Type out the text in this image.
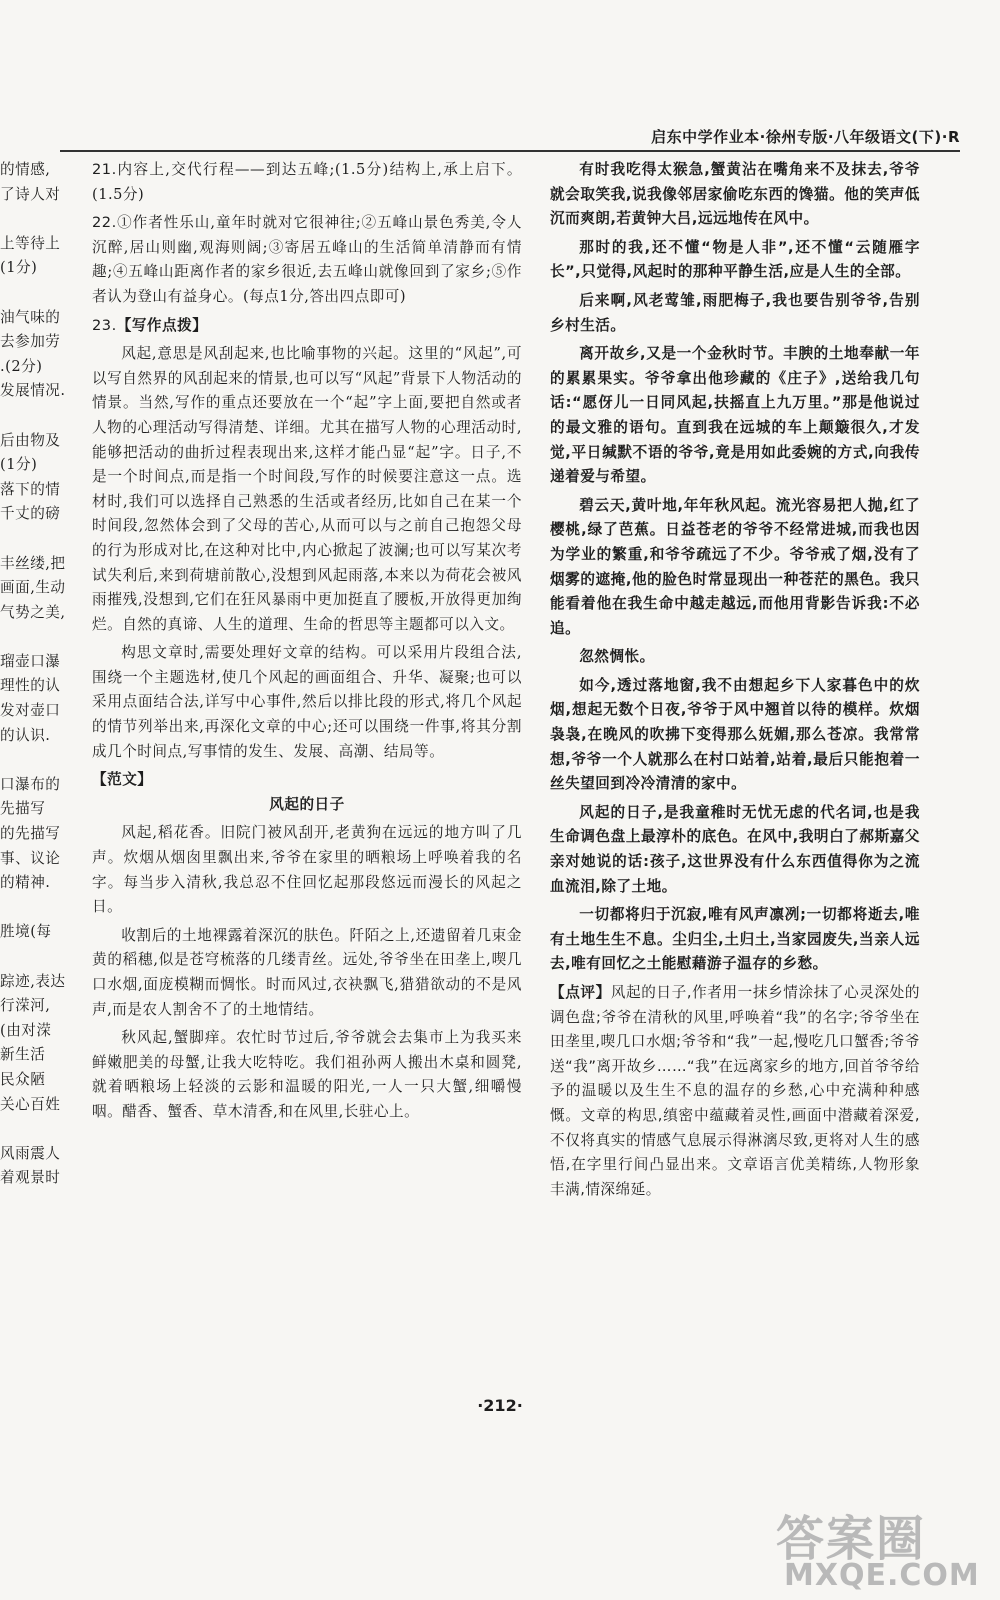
启东中学作业本·徐州专版·八年级语文(下)·R
的情感,
了诗人对
上等待上
(1分)
油气味的
去参加劳
.(2分)
发展情况.
后由物及
(1分)
落下的情
千丈的磅
丰丝缕,把
画面,生动
气势之美,
瑠壶口瀑
理性的认
发对壶口
的认识.
口瀑布的
先描写
的先描写
事、议论
的精神.
胜境(每
踪迹,表达
行溁河,
(由对溁
新生活
民众陋
关心百姓
风雨震人
着观景时
21.内容上,交代行程——到达五峰;(1.5分)结构上,承上启下。(1.5分)
22.①作者性乐山,童年时就对它很神往;②五峰山景色秀美,令人沉醉,居山则幽,观海则阔;③寄居五峰山的生活简单清静而有情趣;④五峰山距离作者的家乡很近,去五峰山就像回到了家乡;⑤作者认为登山有益身心。(每点1分,答出四点即可)
23.【写作点拨】

风起,意思是风刮起来,也比喻事物的兴起。这里的“风起”,可以写自然界的风刮起来的情景,也可以写“风起”背景下人物活动的情景。当然,写作的重点还要放在一个“起”字上面,要把自然或者人物的心理活动写得清楚、详细。尤其在描写人物的心理活动时,能够把活动的曲折过程表现出来,这样才能凸显“起”字。日子,不是一个时间点,而是指一个时间段,写作的时候要注意这一点。选材时,我们可以选择自己熟悉的生活或者经历,比如自己在某一个时间段,忽然体会到了父母的苦心,从而可以与之前自己抱怨父母的行为形成对比,在这种对比中,内心掀起了波澜;也可以写某次考试失利后,来到荷塘前散心,没想到风起雨落,本来以为荷花会被风雨摧残,没想到,它们在狂风暴雨中更加挺直了腰板,开放得更加绚烂。自然的真谛、人生的道理、生命的哲思等主题都可以入文。

构思文章时,需要处理好文章的结构。可以采用片段组合法,围绕一个主题选材,使几个风起的画面组合、升华、凝聚;也可以采用点面结合法,详写中心事件,然后以排比段的形式,将几个风起的情节列举出来,再深化文章的中心;还可以围绕一件事,将其分割成几个时间点,写事情的发生、发展、高潮、结局等。

【范文】

风起的日子

风起,稻花香。旧院门被风刮开,老黄狗在远远的地方叫了几声。炊烟从烟囱里飘出来,爷爷在家里的晒粮场上呼唤着我的名字。每当步入清秋,我总忍不住回忆起那段悠远而漫长的风起之日。

收割后的土地裸露着深沉的肤色。阡陌之上,还遗留着几束金黄的稻穗,似是苍穹梳落的几缕青丝。远处,爷爷坐在田垄上,喫几口水烟,面庞模糊而惆怅。时而风过,衣袂飘飞,猎猎欲动的不是风声,而是农人割舍不了的土地情结。

秋风起,蟹脚痒。农忙时节过后,爷爷就会去集市上为我买来鲜嫩肥美的母蟹,让我大吃特吃。我们祖孙两人搬出木桌和圆凳,就着晒粮场上轻淡的云影和温暖的阳光,一人一只大蟹,细嚼慢咽。醋香、蟹香、草木清香,和在风里,长驻心上。

有时我吃得太猴急,蟹黄沾在嘴角来不及抹去,爷爷就会取笑我,说我像邻居家偷吃东西的馋猫。他的笑声低沉而爽朗,若黄钟大吕,远远地传在风中。

那时的我,还不懂“物是人非”,还不懂“云随雁字长”,只觉得,风起时的那种平静生活,应是人生的全部。

后来啊,风老莺雏,雨肥梅子,我也要告别爷爷,告别乡村生活。

离开故乡,又是一个金秋时节。丰腴的土地奉献一年的累累果实。爷爷拿出他珍藏的《庄子》,送给我几句话:“愿伢儿一日同风起,扶摇直上九万里。”那是他说过的最文雅的语句。直到我在远城的车上颠簸很久,才发觉,平日缄默不语的爷爷,竟是用如此委婉的方式,向我传递着爱与希望。

碧云天,黄叶地,年年秋风起。流光容易把人抛,红了樱桃,绿了芭蕉。日益苍老的爷爷不经常进城,而我也因为学业的繁重,和爷爷疏远了不少。爷爷戒了烟,没有了烟雾的遮掩,他的脸色时常显现出一种苍茫的黑色。我只能看着他在我生命中越走越远,而他用背影告诉我:不必追。

忽然惆怅。

如今,透过落地窗,我不由想起乡下人家暮色中的炊烟,想起无数个日夜,爷爷于风中翘首以待的模样。炊烟袅袅,在晚风的吹拂下变得那么妩媚,那么苍凉。我常常想,爷爷一个人就那么在村口站着,站着,最后只能抱着一丝失望回到冷冷清清的家中。

风起的日子,是我童稚时无忧无虑的代名词,也是我生命调色盘上最淳朴的底色。在风中,我明白了郝斯嘉父亲对她说的话:孩子,这世界没有什么东西值得你为之流血流泪,除了土地。

一切都将归于沉寂,唯有风声凛冽;一切都将逝去,唯有土地生生不息。尘归尘,土归土,当家园废失,当亲人远去,唯有回忆之土能慰藉游子温存的乡愁。

【点评】风起的日子,作者用一抹乡情涂抹了心灵深处的调色盘;爷爷在清秋的风里,呼唤着“我”的名字;爷爷坐在田垄里,喫几口水烟;爷爷和“我”一起,慢吃几口蟹香;爷爷送“我”离开故乡……“我”在远离家乡的地方,回首爷爷给予的温暖以及生生不息的温存的乡愁,心中充满种种感慨。文章的构思,缜密中蕴藏着灵性,画面中潜藏着深爱,不仅将真实的情感气息展示得淋漓尽致,更将对人生的感悟,在字里行间凸显出来。文章语言优美精练,人物形象丰满,情深绵延。
·212·
答案圈
MXQE.COM
